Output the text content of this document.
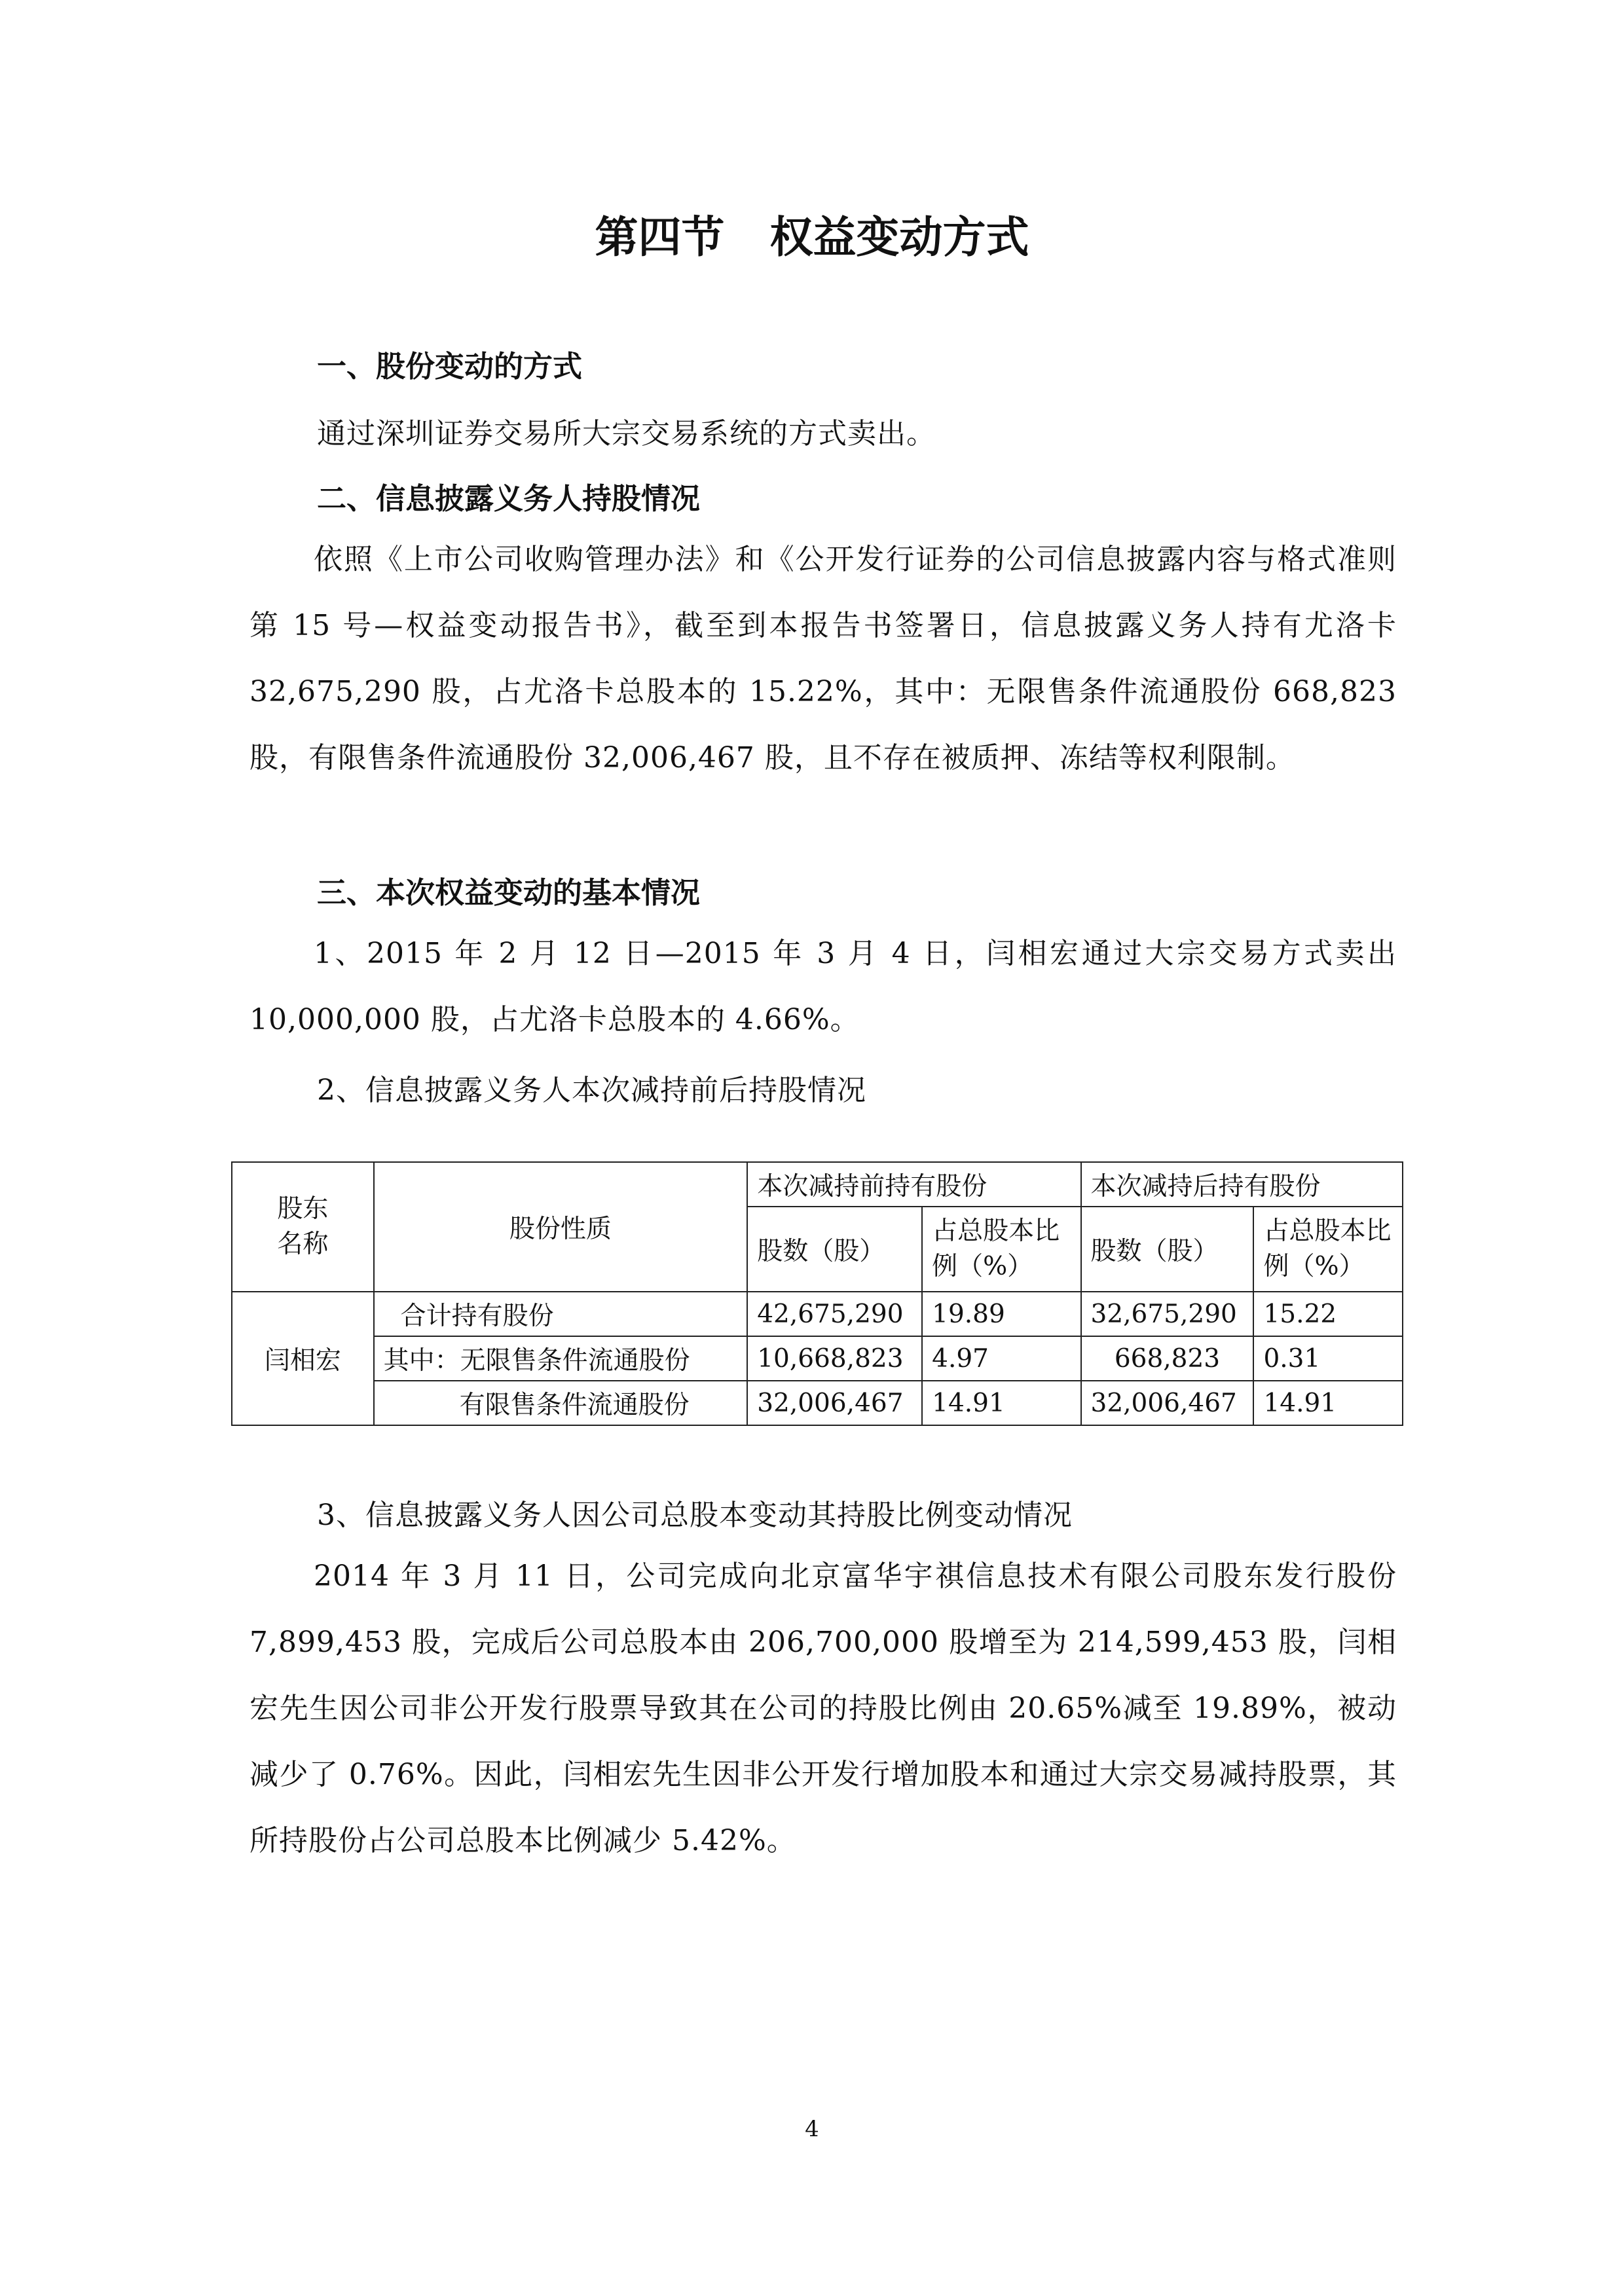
第四节   权益变动方式
一、股份变动的方式
通过深圳证券交易所大宗交易系统的方式卖出。
二、信息披露义务人持股情况
依照《上市公司收购管理办法》和《公开发行证券的公司信息披露内容与格式准则第 15 号—权益变动报告书》，截至到本报告书签署日，信息披露义务人持有尤洛卡 32,675,290 股，占尤洛卡总股本的 15.22%，其中：无限售条件流通股份 668,823 股，有限售条件流通股份 32,006,467 股，且不存在被质押、冻结等权利限制。
三、本次权益变动的基本情况
1、2015 年 2 月 12 日—2015 年 3 月 4 日，闫相宏通过大宗交易方式卖出 10,000,000 股，占尤洛卡总股本的 4.66%。
2、信息披露义务人本次减持前后持股情况
股东名称	股份性质	本次减持前持有股份		本次减持后持有股份	
		股数（股）	占总股本比例（%）	股数（股）	占总股本比例（%）
闫相宏	合计持有股份	42,675,290	19.89	32,675,290	15.22
	其中：无限售条件流通股份	10,668,823	4.97	668,823	0.31
	有限售条件流通股份	32,006,467	14.91	32,006,467	14.91
3、信息披露义务人因公司总股本变动其持股比例变动情况
2014 年 3 月 11 日，公司完成向北京富华宇祺信息技术有限公司股东发行股份 7,899,453 股，完成后公司总股本由 206,700,000 股增至为 214,599,453 股，闫相宏先生因公司非公开发行股票导致其在公司的持股比例由 20.65%减至 19.89%，被动减少了 0.76%。因此，闫相宏先生因非公开发行增加股本和通过大宗交易减持股票，其所持股份占公司总股本比例减少 5.42%。
4
